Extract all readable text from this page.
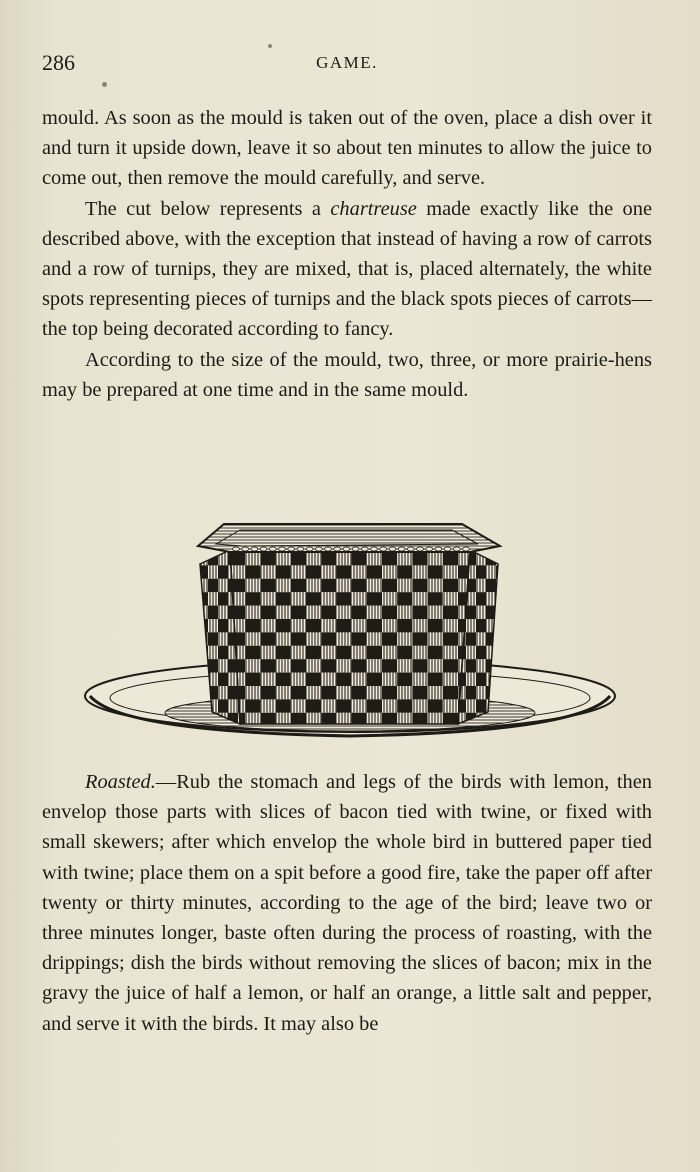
286	GAME.

mould. As soon as the mould is taken out of the oven, place a dish over it and turn it upside down, leave it so about ten minutes to allow the juice to come out, then remove the mould carefully, and serve.

The cut below represents a chartreuse made exactly like the one described above, with the exception that instead of having a row of carrots and a row of turnips, they are mixed, that is, placed alternately, the white spots representing pieces of turnips and the black spots pieces of carrots—the top being decorated according to fancy.

According to the size of the mould, two, three, or more prairie-hens may be prepared at one time and in the same mould.

Roasted.—Rub the stomach and legs of the birds with lemon, then envelop those parts with slices of bacon tied with twine, or fixed with small skewers; after which envelop the whole bird in buttered paper tied with twine; place them on a spit before a good fire, take the paper off after twenty or thirty minutes, according to the age of the bird; leave two or three minutes longer, baste often during the process of roasting, with the drippings; dish the birds without removing the slices of bacon; mix in the gravy the juice of half a lemon, or half an orange, a little salt and pepper, and serve it with the birds. It may also be
